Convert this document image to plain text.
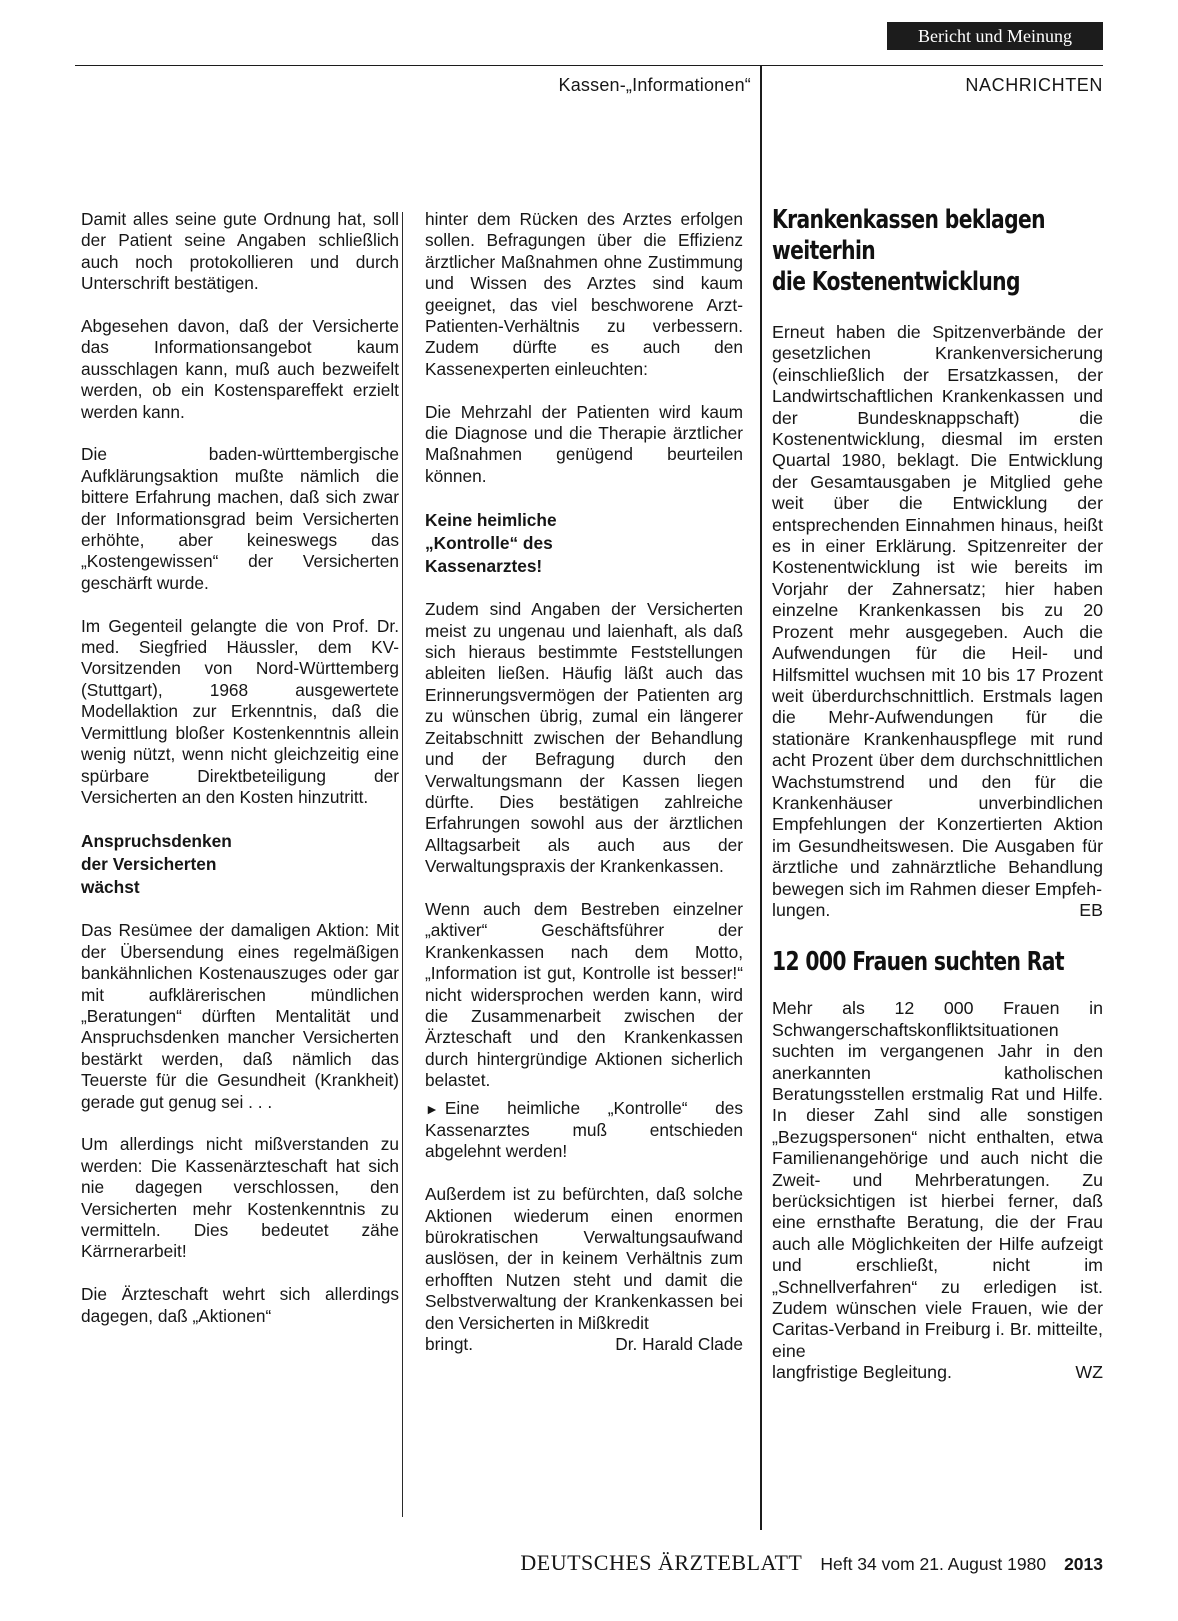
Bericht und Meinung
Kassen-„Informationen“	NACHRICHTEN

Damit alles seine gute Ordnung hat, soll der Patient seine Angaben schließlich auch noch protokollieren und durch Unterschrift bestätigen.

Abgesehen davon, daß der Versicherte das Informationsangebot kaum ausschlagen kann, muß auch bezweifelt werden, ob ein Kostenspareffekt erzielt werden kann.

Die baden-württembergische Aufklärungsaktion mußte nämlich die bittere Erfahrung machen, daß sich zwar der Informationsgrad beim Versicherten erhöhte, aber keineswegs das „Kostengewissen“ der Versicherten geschärft wurde.

Im Gegenteil gelangte die von Prof. Dr. med. Siegfried Häussler, dem KV-Vorsitzenden von Nord-Württemberg (Stuttgart), 1968 ausgewertete Modellaktion zur Erkenntnis, daß die Vermittlung bloßer Kostenkenntnis allein wenig nützt, wenn nicht gleichzeitig eine spürbare Direktbeteiligung der Versicherten an den Kosten hinzutritt.

Anspruchsdenken
der Versicherten
wächst

Das Resümee der damaligen Aktion: Mit der Übersendung eines regelmäßigen bankähnlichen Kostenauszuges oder gar mit aufklärerischen mündlichen „Beratungen“ dürften Mentalität und Anspruchsdenken mancher Versicherten bestärkt werden, daß nämlich das Teuerste für die Gesundheit (Krankheit) gerade gut genug sei . . .

Um allerdings nicht mißverstanden zu werden: Die Kassenärzteschaft hat sich nie dagegen verschlossen, den Versicherten mehr Kostenkenntnis zu vermitteln. Dies bedeutet zähe Kärrnerarbeit!

Die Ärzteschaft wehrt sich allerdings dagegen, daß „Aktionen“

hinter dem Rücken des Arztes erfolgen sollen. Befragungen über die Effizienz ärztlicher Maßnahmen ohne Zustimmung und Wissen des Arztes sind kaum geeignet, das viel beschworene Arzt-Patienten-Verhältnis zu verbessern. Zudem dürfte es auch den Kassenexperten einleuchten:

Die Mehrzahl der Patienten wird kaum die Diagnose und die Therapie ärztlicher Maßnahmen genügend beurteilen können.

Keine heimliche
„Kontrolle“ des
Kassenarztes!

Zudem sind Angaben der Versicherten meist zu ungenau und laienhaft, als daß sich hieraus bestimmte Feststellungen ableiten ließen. Häufig läßt auch das Erinnerungsvermögen der Patienten arg zu wünschen übrig, zumal ein längerer Zeitabschnitt zwischen der Behandlung und der Befragung durch den Verwaltungsmann der Kassen liegen dürfte. Dies bestätigen zahlreiche Erfahrungen sowohl aus der ärztlichen Alltagsarbeit als auch aus der Verwaltungspraxis der Krankenkassen.

Wenn auch dem Bestreben einzelner „aktiver“ Geschäftsführer der Krankenkassen nach dem Motto, „Information ist gut, Kontrolle ist besser!“ nicht widersprochen werden kann, wird die Zusammenarbeit zwischen der Ärzteschaft und den Krankenkassen durch hintergründige Aktionen sicherlich belastet.

► Eine heimliche „Kontrolle“ des Kassenarztes muß entschieden abgelehnt werden!

Außerdem ist zu befürchten, daß solche Aktionen wiederum einen enormen bürokratischen Verwaltungsaufwand auslösen, der in keinem Verhältnis zum erhofften Nutzen steht und damit die Selbstverwaltung der Krankenkassen bei den Versicherten in Mißkredit

bringt.	Dr. Harald Clade
Krankenkassen beklagen
weiterhin
die Kostenentwicklung
Erneut haben die Spitzenverbände der gesetzlichen Krankenversicherung (einschließlich der Ersatzkassen, der Landwirtschaftlichen Krankenkassen und der Bundesknappschaft) die Kostenentwicklung, diesmal im ersten Quartal 1980, beklagt. Die Entwicklung der Gesamtausgaben je Mitglied gehe weit über die Entwicklung der entsprechenden Einnahmen hinaus, heißt es in einer Erklärung. Spitzenreiter der Kostenentwicklung ist wie bereits im Vorjahr der Zahnersatz; hier haben einzelne Krankenkassen bis zu 20 Prozent mehr ausgegeben. Auch die Aufwendungen für die Heil- und Hilfsmittel wuchsen mit 10 bis 17 Prozent weit überdurchschnittlich. Erstmals lagen die Mehr-Aufwendungen für die stationäre Krankenhauspflege mit rund acht Prozent über dem durchschnittlichen Wachstumstrend und den für die Krankenhäuser unverbindlichen Empfehlungen der Konzertierten Aktion im Gesundheitswesen. Die Ausgaben für ärztliche und zahnärztliche Behandlung bewegen sich im Rahmen dieser Empfeh-
lungen.	EB
12 000 Frauen suchten Rat
Mehr als 12 000 Frauen in Schwangerschaftskonfliktsituationen suchten im vergangenen Jahr in den anerkannten katholischen Beratungsstellen erstmalig Rat und Hilfe. In dieser Zahl sind alle sonstigen „Bezugspersonen“ nicht enthalten, etwa Familienangehörige und auch nicht die Zweit- und Mehrberatungen. Zu berücksichtigen ist hierbei ferner, daß eine ernsthafte Beratung, die der Frau auch alle Möglichkeiten der Hilfe aufzeigt und erschließt, nicht im „Schnellverfahren“ zu erledigen ist. Zudem wünschen viele Frauen, wie der Caritas-Verband in Freiburg i. Br. mitteilte, eine
langfristige Begleitung.	WZ
DEUTSCHES ÄRZTEBLATT Heft 34 vom 21. August 1980 2013
